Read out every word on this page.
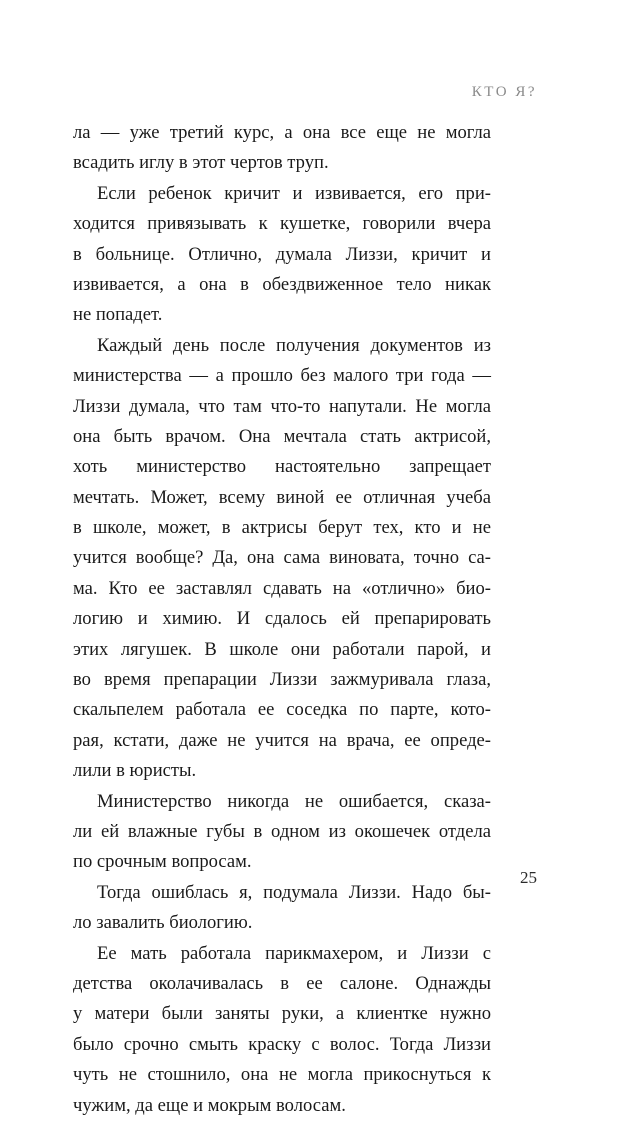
КТО Я?
ла — уже третий курс, а она все еще не могла
всадить иглу в этот чертов труп.
Если ребенок кричит и извивается, его при-
ходится привязывать к кушетке, говорили вчера
в больнице. Отлично, думала Лиззи, кричит и
извивается, а она в обездвиженное тело никак
не попадет.
Каждый день после получения документов из
министерства — а прошло без малого три года —
Лиззи думала, что там что-то напутали. Не могла
она быть врачом. Она мечтала стать актрисой,
хоть министерство настоятельно запрещает
мечтать. Может, всему виной ее отличная учеба
в школе, может, в актрисы берут тех, кто и не
учится вообще? Да, она сама виновата, точно са-
ма. Кто ее заставлял сдавать на «отлично» био-
логию и химию. И сдалось ей препарировать
этих лягушек. В школе они работали парой, и
во время препарации Лиззи зажмуривала глаза,
скальпелем работала ее соседка по парте, кото-
рая, кстати, даже не учится на врача, ее опреде-
лили в юристы.
Министерство никогда не ошибается, сказа-
ли ей влажные губы в одном из окошечек отдела
по срочным вопросам.
Тогда ошиблась я, подумала Лиззи. Надо бы-
ло завалить биологию.
Ее мать работала парикмахером, и Лиззи с
детства околачивалась в ее салоне. Однажды
у матери были заняты руки, а клиентке нужно
было срочно смыть краску с волос. Тогда Лиззи
чуть не стошнило, она не могла прикоснуться к
чужим, да еще и мокрым волосам.
25
